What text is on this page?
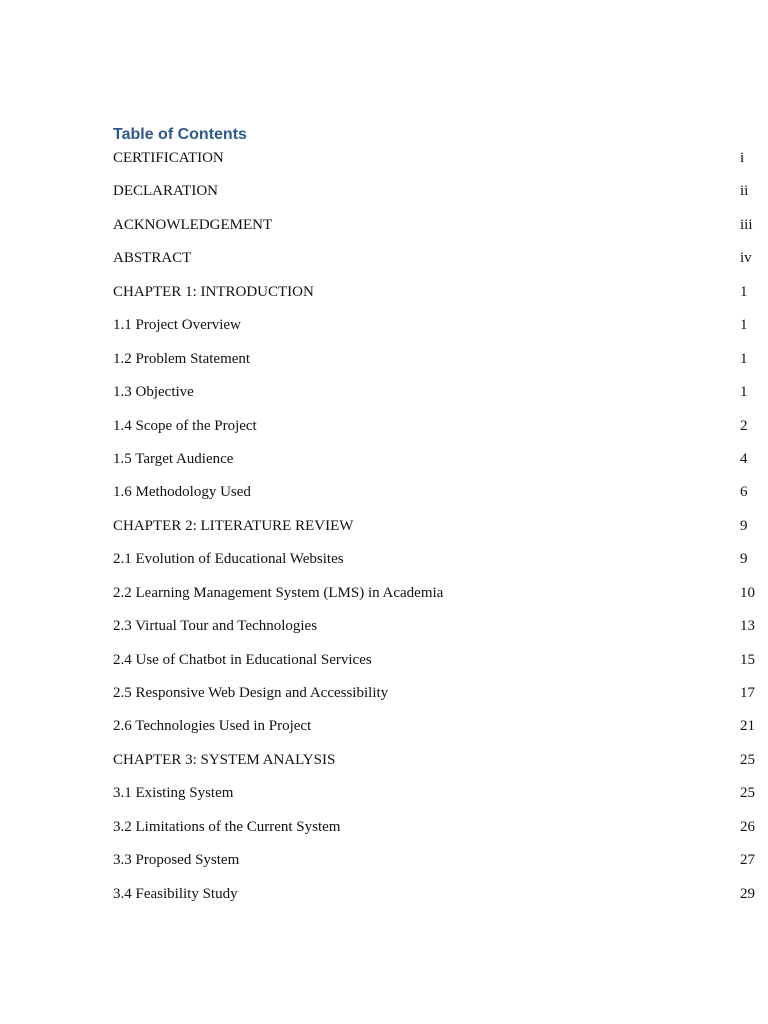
Table of Contents
CERTIFICATION	i
DECLARATION	ii
ACKNOWLEDGEMENT	iii
ABSTRACT	iv
CHAPTER 1: INTRODUCTION	1
1.1 Project Overview	1
1.2 Problem Statement	1
1.3 Objective	1
1.4 Scope of the Project	2
1.5 Target Audience	4
1.6 Methodology Used	6
CHAPTER 2: LITERATURE REVIEW	9
2.1 Evolution of Educational Websites	9
2.2 Learning Management System (LMS) in Academia	10
2.3 Virtual Tour and Technologies	13
2.4 Use of Chatbot in Educational Services	15
2.5 Responsive Web Design and Accessibility	17
2.6 Technologies Used in Project	21
CHAPTER 3: SYSTEM ANALYSIS	25
3.1 Existing System	25
3.2 Limitations of the Current System	26
3.3 Proposed System	27
3.4 Feasibility Study	29
